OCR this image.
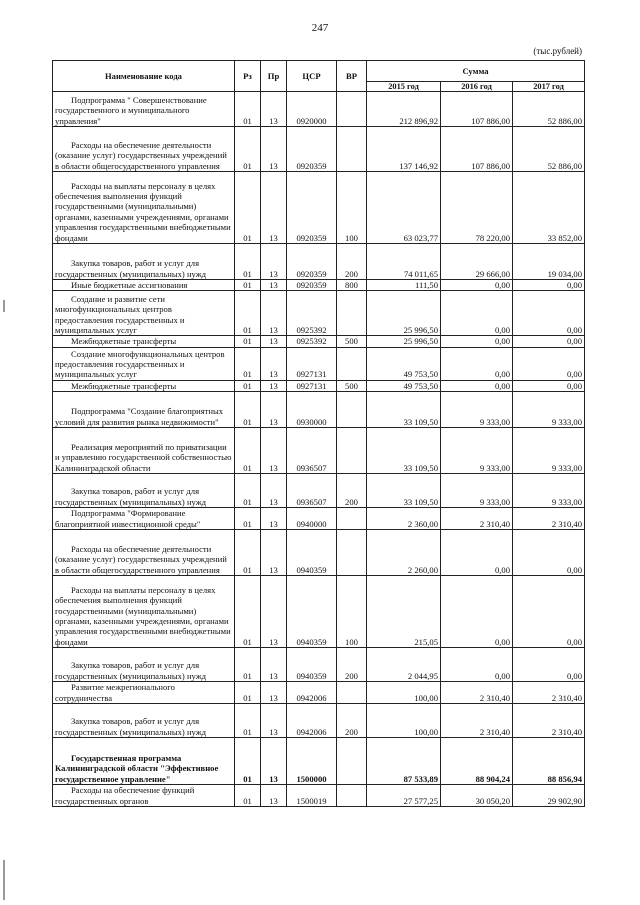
247
(тыс.рублей)
Наименование кода	Рз	Пр	ЦСР	ВР	Сумма		
					2015 год	2016 год	2017 год
Подпрограмма " Совершенствование государственного и муниципального управления"	01	13	0920000		212 896,92	107 886,00	52 886,00
Расходы на обеспечение деятельности (оказание услуг) государственных учреждений в области общегосударственного управления	01	13	0920359		137 146,92	107 886,00	52 886,00
Расходы на выплаты персоналу в целях обеспечения выполнения функций государственными (муниципальными) органами, казенными учреждениями, органами управления государственными внебюджетными фондами	01	13	0920359	100	63 023,77	78 220,00	33 852,00
Закупка товаров, работ и услуг для государственных (муниципальных) нужд	01	13	0920359	200	74 011,65	29 666,00	19 034,00
Иные бюджетные ассигнования	01	13	0920359	800	111,50	0,00	0,00
Создание и развитие сети многофункциональных центров предоставления государственных и муниципальных услуг	01	13	0925392		25 996,50	0,00	0,00
Межбюджетные трансферты	01	13	0925392	500	25 996,50	0,00	0,00
Создание многофункциональных центров предоставления государственных и муниципальных услуг	01	13	0927131		49 753,50	0,00	0,00
Межбюджетные трансферты	01	13	0927131	500	49 753,50	0,00	0,00
Подпрограмма "Создание благоприятных условий для развития рынка недвижимости"	01	13	0930000		33 109,50	9 333,00	9 333,00
Реализация мероприятий по приватизации и управлению государственной собственностью Калининградской области	01	13	0936507		33 109,50	9 333,00	9 333,00
Закупка товаров, работ и услуг для государственных (муниципальных) нужд	01	13	0936507	200	33 109,50	9 333,00	9 333,00
Подпрограмма "Формирование благоприятной инвестиционной среды"	01	13	0940000		2 360,00	2 310,40	2 310,40
Расходы на обеспечение деятельности (оказание услуг) государственных учреждений в области общегосударственного управления	01	13	0940359		2 260,00	0,00	0,00
Расходы на выплаты персоналу в целях обеспечения выполнения функций государственными (муниципальными) органами, казенными учреждениями, органами управления государственными внебюджетными фондами	01	13	0940359	100	215,05	0,00	0,00
Закупка товаров, работ и услуг для государственных (муниципальных) нужд	01	13	0940359	200	2 044,95	0,00	0,00
Развитие межрегионального сотрудничества	01	13	0942006		100,00	2 310,40	2 310,40
Закупка товаров, работ и услуг для государственных (муниципальных) нужд	01	13	0942006	200	100,00	2 310,40	2 310,40
Государственная программа Калининградской области "Эффективное государственное управление"	01	13	1500000		87 533,89	88 904,24	88 856,94
Расходы на обеспечение функций государственных органов	01	13	1500019		27 577,25	30 050,20	29 902,90
